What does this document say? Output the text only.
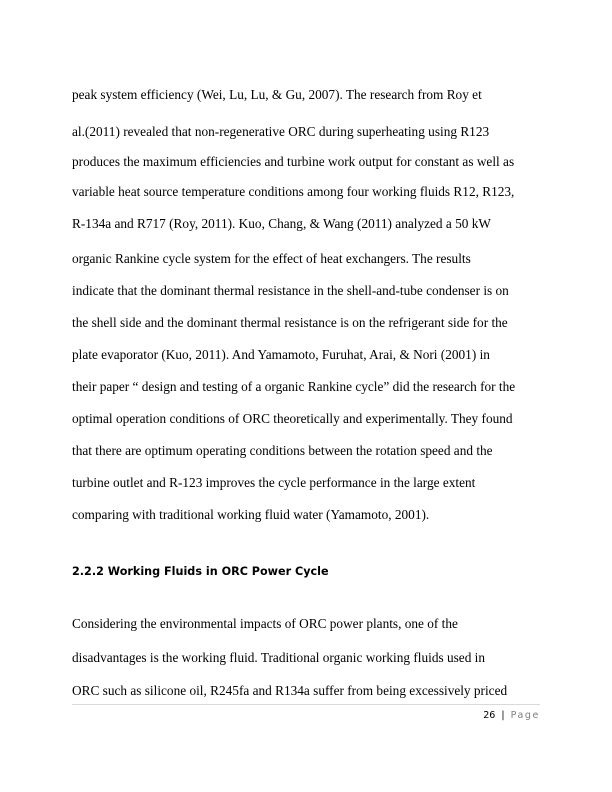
peak system efficiency (Wei, Lu, Lu, & Gu, 2007). The research from Roy et

al.(2011) revealed that non-regenerative ORC during superheating using R123

produces the maximum efficiencies and turbine work output for constant as well as

variable heat source temperature conditions among four working fluids R12, R123,

R-134a and R717 (Roy, 2011). Kuo, Chang, & Wang (2011) analyzed a 50 kW

organic Rankine cycle system for the effect of heat exchangers. The results

indicate that the dominant thermal resistance in the shell-and-tube condenser is on

the shell side and the dominant thermal resistance is on the refrigerant side for the

plate evaporator (Kuo, 2011). And Yamamoto, Furuhat, Arai, & Nori (2001) in

their paper “ design and testing of a organic Rankine cycle” did the research for the

optimal operation conditions of ORC theoretically and experimentally. They found

that there are optimum operating conditions between the rotation speed and the

turbine outlet and R-123 improves the cycle performance in the large extent

comparing with traditional working fluid water (Yamamoto, 2001).

2.2.2 Working Fluids in ORC Power Cycle

Considering the environmental impacts of ORC power plants, one of the

disadvantages is the working fluid. Traditional organic working fluids used in

ORC such as silicone oil, R245fa and R134a suffer from being excessively priced

26 | Page
